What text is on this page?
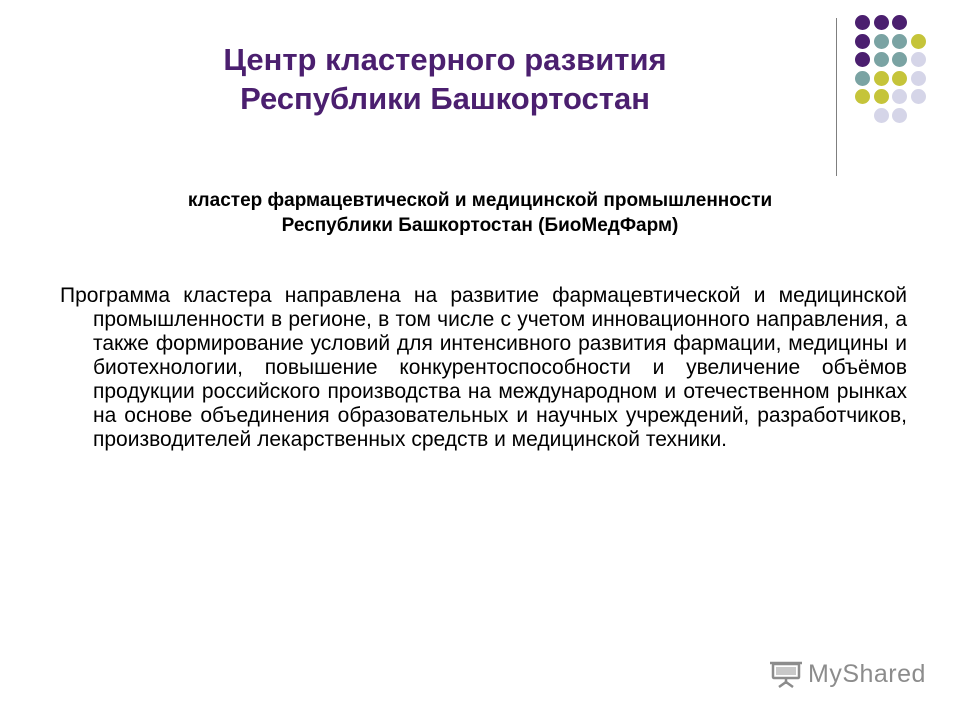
Центр кластерного развития
Республики Башкортостан
кластер фармацевтической и медицинской промышленности
Республики Башкортостан (БиоМедФарм)

Программа кластера направлена на развитие фармацевтической и медицинской промышленности в регионе, в том числе с учетом инновационного направления, а также формирование условий для интенсивного развития фармации, медицины и биотехнологии, повышение конкурентоспособности и увеличение объёмов продукции российского производства на международном и отечественном рынках на основе объединения образовательных и научных учреждений, разработчиков, производителей лекарственных средств и медицинской техники.

MyShared
